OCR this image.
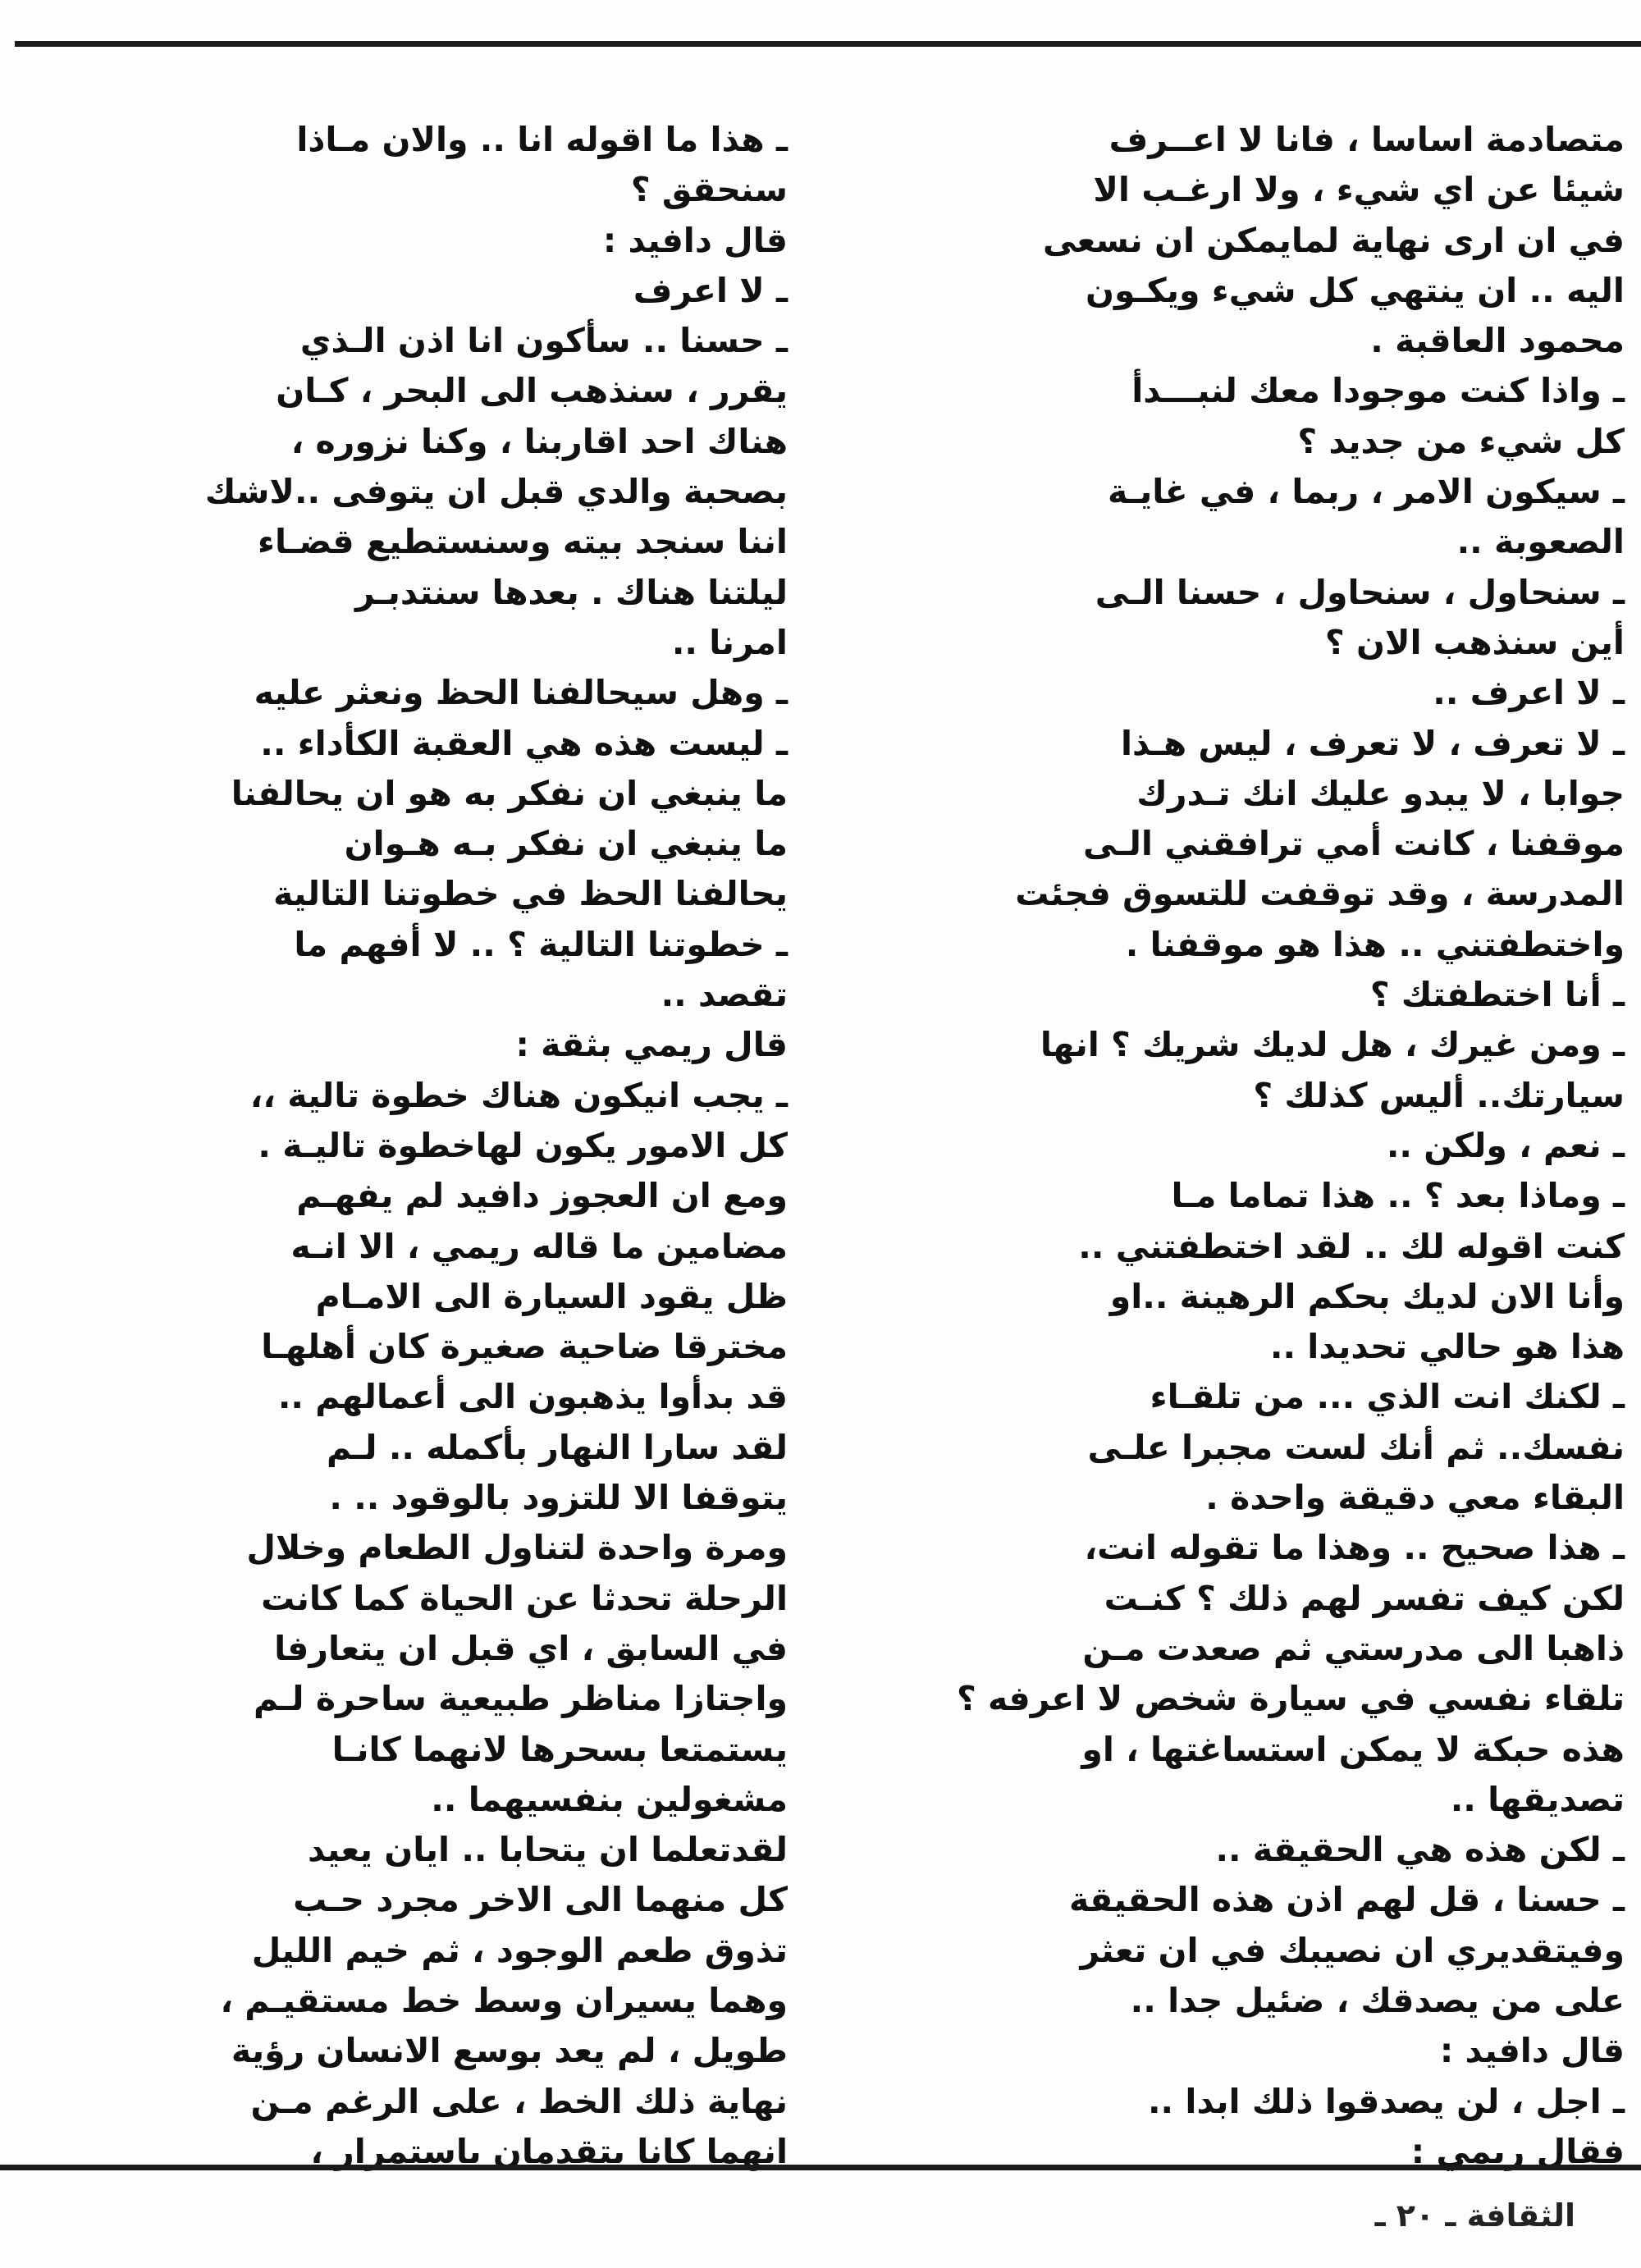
متصادمة اساسا ، فانا لا اعــرف
شيئا عن اي شيء ، ولا ارغـب الا
في ان ارى نهاية لمايمكن ان نسعى
اليه .. ان ينتهي كل شيء ويكـون
محمود العاقبة .
ـ واذا كنت موجودا معك لنبـــدأ
كل شيء من جديد ؟
ـ سيكون الامر ، ربما ، في غايـة
الصعوبة ..
ـ سنحاول ، سنحاول ، حسنا الـى
أين سنذهب الان ؟
ـ لا اعرف ..
ـ لا تعرف ، لا تعرف ، ليس هـذا
جوابا ، لا يبدو عليك انك تـدرك
موقفنا ، كانت أمي ترافقني الـى
المدرسة ، وقد توقفت للتسوق فجئت
واختطفتني .. هذا هو موقفنا .
ـ أنا اختطفتك ؟
ـ ومن غيرك ، هل لديك شريك ؟ انها
سيارتك.. أليس كذلك ؟
ـ نعم ، ولكن ..
ـ وماذا بعد ؟ .. هذا تماما مـا
كنت اقوله لك .. لقد اختطفتني ..
وأنا الان لديك بحكم الرهينة ..او
هذا هو حالي تحديدا ..
ـ لكنك انت الذي ... من تلقـاء
نفسك.. ثم أنك لست مجبرا علـى
البقاء معي دقيقة واحدة .
ـ هذا صحيح .. وهذا ما تقوله انت،
لكن كيف تفسر لهم ذلك ؟ كنـت
ذاهبا الى مدرستي ثم صعدت مـن
تلقاء نفسي في سيارة شخص لا اعرفه ؟
هذه حبكة لا يمكن استساغتها ، او
تصديقها ..
ـ لكن هذه هي الحقيقة ..
ـ حسنا ، قل لهم اذن هذه الحقيقة
وفيتقديري ان نصيبك في ان تعثر
على من يصدقك ، ضئيل جدا ..
قال دافيد :
ـ اجل ، لن يصدقوا ذلك ابدا ..
فقال ريمي :
ـ هذا ما اقوله انا .. والان مـاذا
سنحقق ؟
قال دافيد :
ـ لا اعرف
ـ حسنا .. سأكون انا اذن الـذي
يقرر ، سنذهب الى البحر ، كـان
هناك احد اقاربنا ، وكنا نزوره ،
بصحبة والدي قبل ان يتوفى ..لاشك
اننا سنجد بيته وسنستطيع قضـاء
ليلتنا هناك . بعدها سنتدبـر
امرنا ..
ـ وهل سيحالفنا الحظ ونعثر عليه
ـ ليست هذه هي العقبة الكأداء ..
ما ينبغي ان نفكر به هو ان يحالفنا
ما ينبغي ان نفكر بـه هـوان
يحالفنا الحظ في خطوتنا التالية
ـ خطوتنا التالية ؟ .. لا أفهم ما
تقصد ..
قال ريمي بثقة :
ـ يجب انيكون هناك خطوة تالية ،،
كل الامور يكون لهاخطوة تاليـة .
ومع ان العجوز دافيد لم يفهـم
مضامين ما قاله ريمي ، الا انـه
ظل يقود السيارة الى الامـام
مخترقا ضاحية صغيرة كان أهلهـا
قد بدأوا يذهبون الى أعمالهم ..
لقد سارا النهار بأكمله .. لـم
يتوقفا الا للتزود بالوقود .. .
ومرة واحدة لتناول الطعام وخلال
الرحلة تحدثا عن الحياة كما كانت
في السابق ، اي قبل ان يتعارفا
واجتازا مناظر طبيعية ساحرة لـم
يستمتعا بسحرها لانهما كانـا
مشغولين بنفسيهما ..
لقدتعلما ان يتحابا .. ايان يعيد
كل منهما الى الاخر مجرد حـب
تذوق طعم الوجود ، ثم خيم الليل
وهما يسيران وسط خط مستقيـم ،
طويل ، لم يعد بوسع الانسان رؤية
نهاية ذلك الخط ، على الرغم مـن
انهما كانا يتقدمان باستمرار ،
الثقافة ـ ٢٠ ـ
